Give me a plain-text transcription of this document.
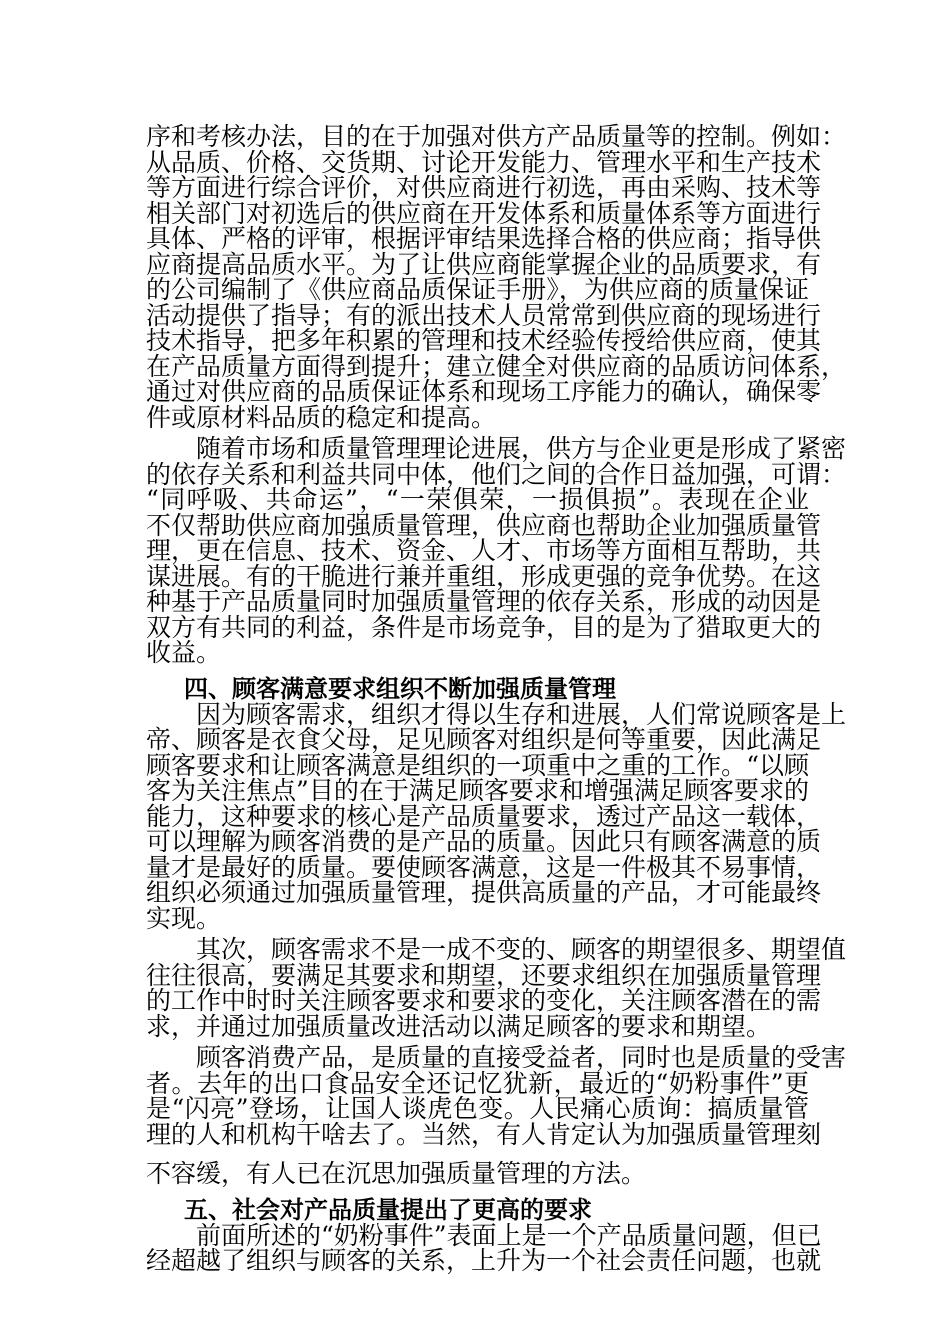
序和考核办法，目的在于加强对供方产品质量等的控制。例如：
从品质、价格、交货期、讨论开发能力、管理水平和生产技术
等方面进行综合评价，对供应商进行初选，再由采购、技术等
相关部门对初选后的供应商在开发体系和质量体系等方面进行
具体、严格的评审，根据评审结果选择合格的供应商；指导供
应商提高品质水平。为了让供应商能掌握企业的品质要求，有
的公司编制了《供应商品质保证手册》，为供应商的质量保证
活动提供了指导；有的派出技术人员常常到供应商的现场进行
技术指导，把多年积累的管理和技术经验传授给供应商，使其
在产品质量方面得到提升；建立健全对供应商的品质访问体系，
通过对供应商的品质保证体系和现场工序能力的确认，确保零
件或原材料品质的稳定和提高。
随着市场和质量管理理论进展，供方与企业更是形成了紧密
的依存关系和利益共同中体，他们之间的合作日益加强，可谓：
“同呼吸、共命运”，“一荣俱荣，一损俱损”。表现在企业
不仅帮助供应商加强质量管理，供应商也帮助企业加强质量管
理，更在信息、技术、资金、人才、市场等方面相互帮助，共
谋进展。有的干脆进行兼并重组，形成更强的竞争优势。在这
种基于产品质量同时加强质量管理的依存关系，形成的动因是
双方有共同的利益，条件是市场竞争，目的是为了猎取更大的
收益。
四、顾客满意要求组织不断加强质量管理
因为顾客需求，组织才得以生存和进展，人们常说顾客是上
帝、顾客是衣食父母，足见顾客对组织是何等重要，因此满足
顾客要求和让顾客满意是组织的一项重中之重的工作。“以顾
客为关注焦点”目的在于满足顾客要求和增强满足顾客要求的
能力，这种要求的核心是产品质量要求，透过产品这一载体，
可以理解为顾客消费的是产品的质量。因此只有顾客满意的质
量才是最好的质量。要使顾客满意，这是一件极其不易事情，
组织必须通过加强质量管理，提供高质量的产品，才可能最终
实现。
其次，顾客需求不是一成不变的、顾客的期望很多、期望值
往往很高，要满足其要求和期望，还要求组织在加强质量管理
的工作中时时关注顾客要求和要求的变化，关注顾客潜在的需
求，并通过加强质量改进活动以满足顾客的要求和期望。
顾客消费产品，是质量的直接受益者，同时也是质量的受害
者。去年的出口食品安全还记忆犹新，最近的“奶粉事件”更
是“闪亮”登场，让国人谈虎色变。人民痛心质询：搞质量管
理的人和机构干啥去了。当然，有人肯定认为加强质量管理刻
不容缓，有人已在沉思加强质量管理的方法。
五、社会对产品质量提出了更高的要求
前面所述的“奶粉事件”表面上是一个产品质量问题，但已
经超越了组织与顾客的关系，上升为一个社会责任问题，也就
